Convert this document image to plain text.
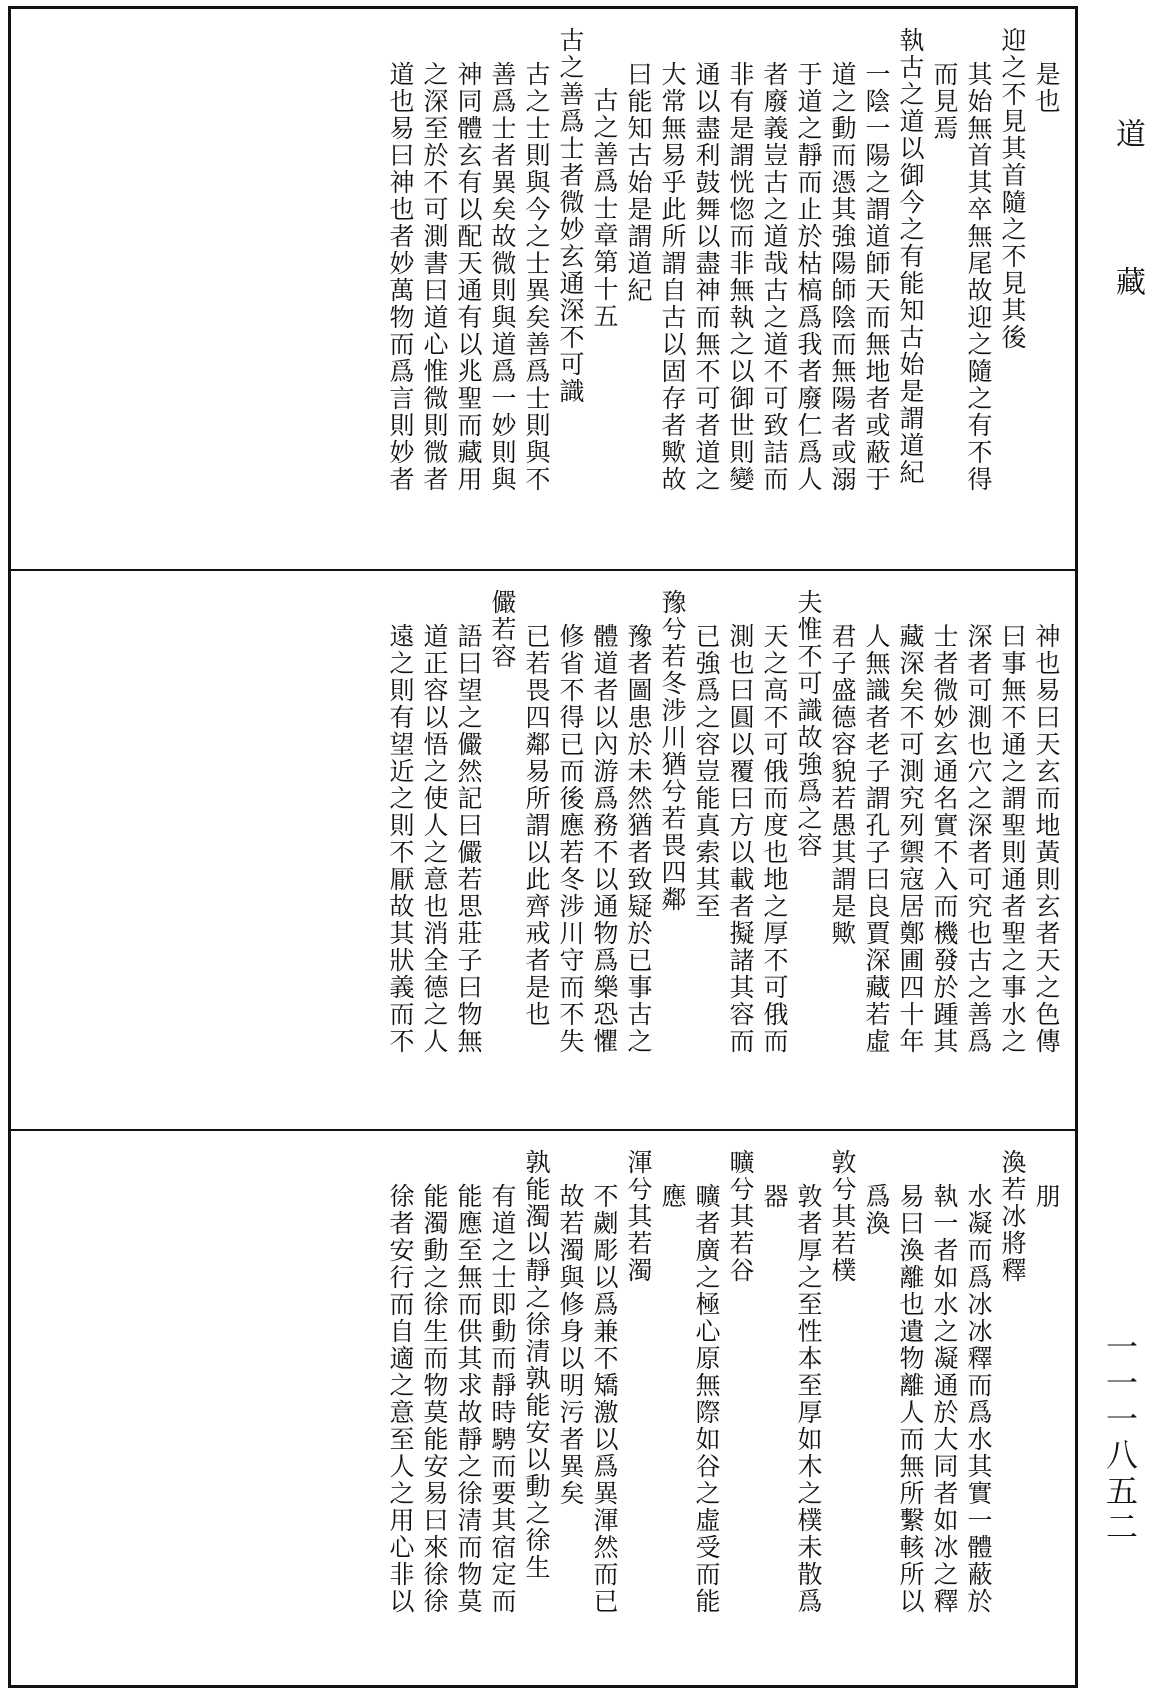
道藏
一一一八五二
是也
迎之不見其首隨之不見其後
其始無首其卒無尾故迎之隨之有不得
而見焉
執古之道以御今之有能知古始是謂道紀
一陰一陽之謂道師天而無地者或蔽于
道之動而憑其強陽師陰而無陽者或溺
于道之靜而止於枯槁爲我者廢仁爲人
者廢義豈古之道哉古之道不可致詰而
非有是謂恍惚而非無執之以御世則變
通以盡利鼓舞以盡神而無不可者道之
大常無易乎此所謂自古以固存者歟故
曰能知古始是謂道紀
古之善爲士章第十五
古之善爲士者微妙玄通深不可識
古之士則與今之士異矣善爲士則與不
善爲士者異矣故微則與道爲一妙則與
神同體玄有以配天通有以兆聖而藏用
之深至於不可測書曰道心惟微則微者
道也易曰神也者妙萬物而爲言則妙者
神也易曰天玄而地黃則玄者天之色傳
曰事無不通之謂聖則通者聖之事水之
深者可測也穴之深者可究也古之善爲
士者微妙玄通名實不入而機發於踵其
藏深矣不可測究列禦寇居鄭圃四十年
人無識者老子謂孔子曰良賈深藏若虛
君子盛德容貌若愚其謂是歟
夫惟不可識故強爲之容
天之高不可俄而度也地之厚不可俄而
測也曰圓以覆曰方以載者擬諸其容而
已強爲之容豈能真索其至
豫兮若冬涉川猶兮若畏四鄰
豫者圖患於未然猶者致疑於已事古之
體道者以內游爲務不以通物爲樂恐懼
修省不得已而後應若冬涉川守而不失
已若畏四鄰易所謂以此齊戒者是也
儼若容
語曰望之儼然記曰儼若思莊子曰物無
道正容以悟之使人之意也消全德之人
遠之則有望近之則不厭故其狀義而不
朋
渙若冰將釋
水凝而爲冰冰釋而爲水其實一體蔽於
執一者如水之凝通於大同者如冰之釋
易曰渙離也遺物離人而無所繫輆所以
爲渙
敦兮其若樸
敦者厚之至性本至厚如木之樸未散爲
器
曠兮其若谷
曠者廣之極心原無際如谷之虛受而能
應
渾兮其若濁
不劌彫以爲兼不矯激以爲異渾然而已
故若濁與修身以明污者異矣
孰能濁以靜之徐清孰能安以動之徐生
有道之士即動而靜時騁而要其宿定而
能應至無而供其求故靜之徐清而物莫
能濁動之徐生而物莫能安易曰來徐徐
徐者安行而自適之意至人之用心非以
